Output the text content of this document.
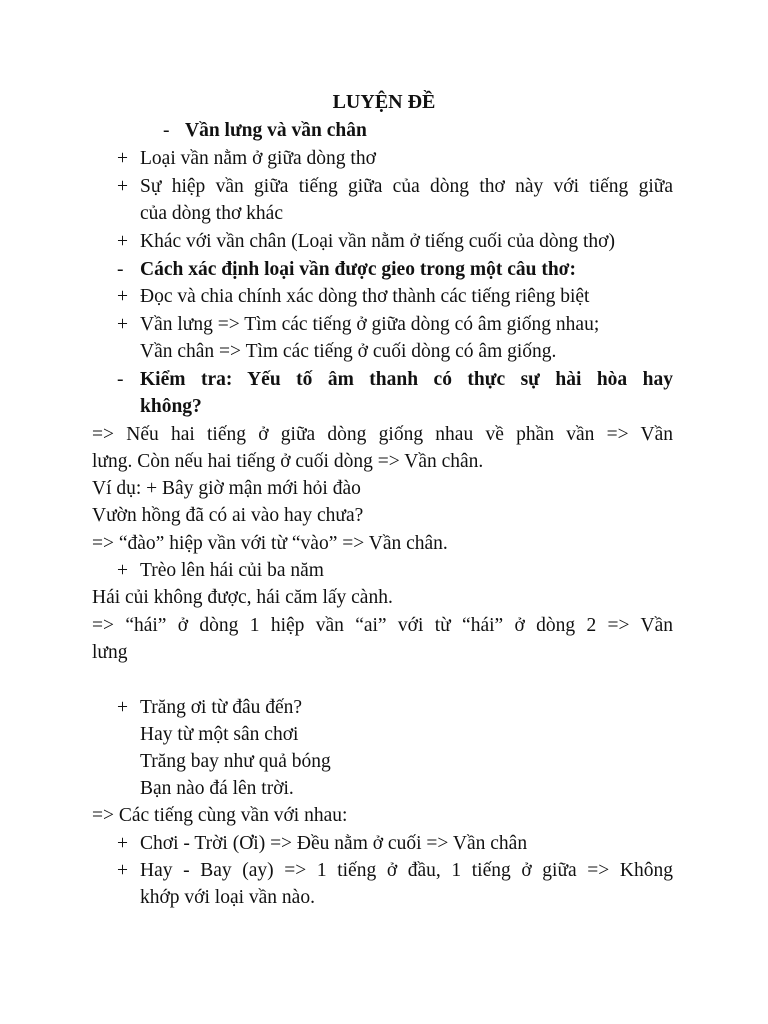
LUYỆN ĐỀ
- Vần lưng và vần chân
+ Loại vần nằm ở giữa dòng thơ
+ Sự hiệp vần giữa tiếng giữa của dòng thơ này với tiếng giữa
của dòng thơ khác
+ Khác với vần chân (Loại vần nằm ở tiếng cuối của dòng thơ)
- Cách xác định loại vần được gieo trong một câu thơ:
+ Đọc và chia chính xác dòng thơ thành các tiếng riêng biệt
+ Vần lưng => Tìm các tiếng ở giữa dòng có âm giống nhau;
Vần chân => Tìm các tiếng ở cuối dòng có âm giống.
- Kiểm tra: Yếu tố âm thanh có thực sự hài hòa hay
không?
=> Nếu hai tiếng ở giữa dòng giống nhau về phần vần => Vần
lưng. Còn nếu hai tiếng ở cuối dòng => Vần chân.
Ví dụ: + Bây giờ mận mới hỏi đào
Vườn hồng đã có ai vào hay chưa?
=> “đào” hiệp vần với từ “vào” => Vần chân.
+ Trèo lên hái củi ba năm
Hái củi không được, hái căm lấy cành.
=> “hái” ở dòng 1 hiệp vần “ai” với từ “hái” ở dòng 2 => Vần
lưng
+ Trăng ơi từ đâu đến?
Hay từ một sân chơi
Trăng bay như quả bóng
Bạn nào đá lên trời.
=> Các tiếng cùng vần với nhau:
+ Chơi - Trời (Ơi) => Đều nằm ở cuối => Vần chân
+ Hay - Bay (ay) => 1 tiếng ở đầu, 1 tiếng ở giữa => Không
khớp với loại vần nào.
